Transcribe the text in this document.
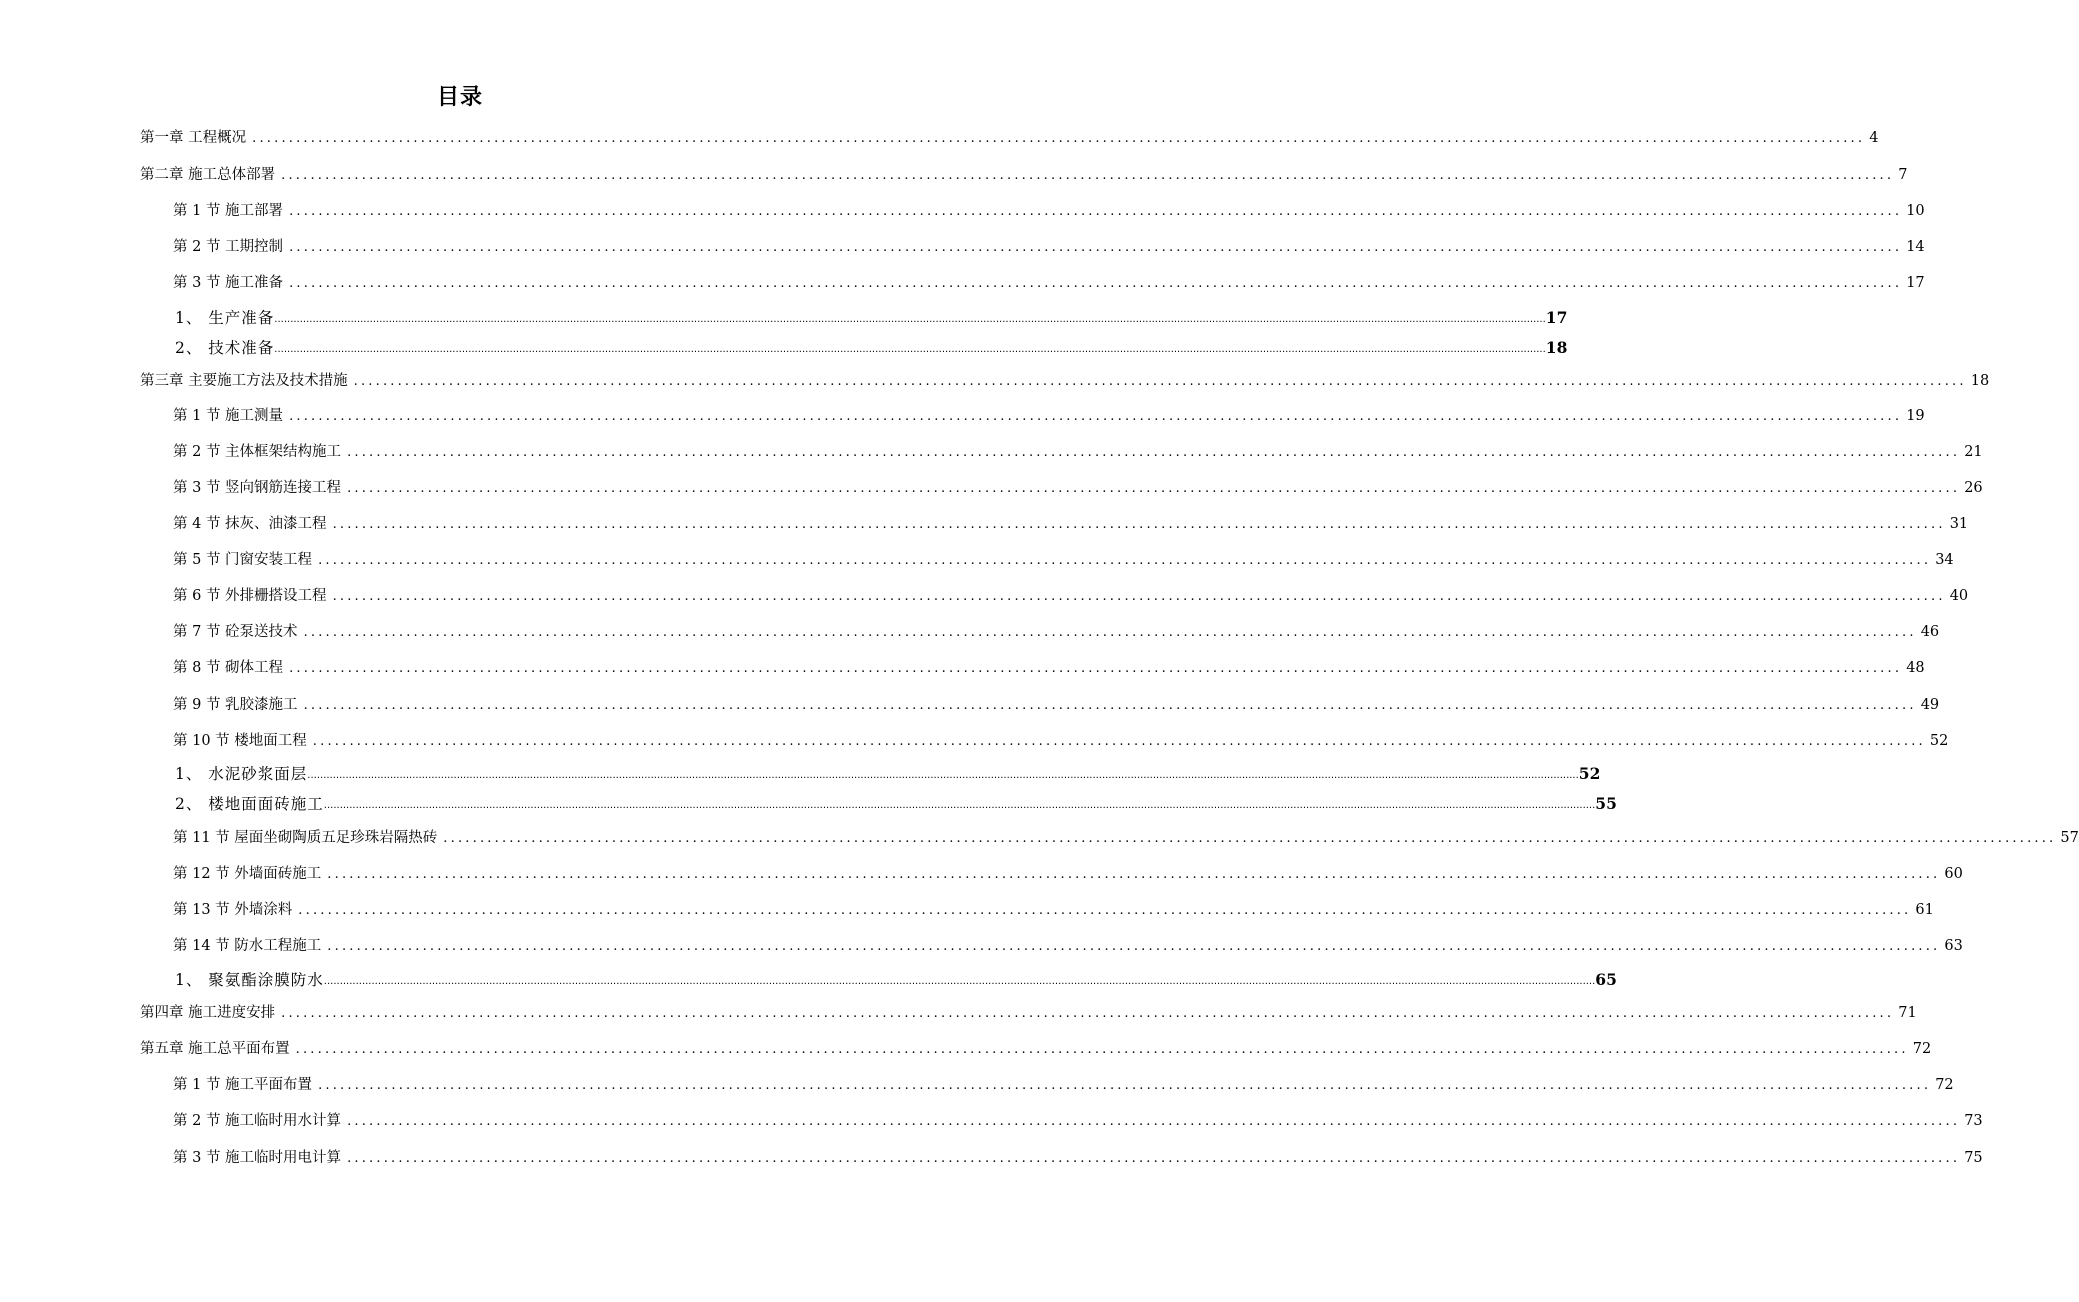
目录
第一章 工程概况 ............................................................................................................................................................................................................................ 4
第二章 施工总体部署 ............................................................................................................................................................................................................................ 7
第 1 节 施工部署 ............................................................................................................................................................................................................................ 10
第 2 节 工期控制 ............................................................................................................................................................................................................................ 14
第 3 节 施工准备 ............................................................................................................................................................................................................................ 17
1、 生产准备 ................................................................................................................................................................................................................................................................................................................................................................................................................ 17
2、 技术准备 ................................................................................................................................................................................................................................................................................................................................................................................................................ 18
第三章 主要施工方法及技术措施 ............................................................................................................................................................................................................................ 18
第 1 节 施工测量 ............................................................................................................................................................................................................................ 19
第 2 节 主体框架结构施工 ............................................................................................................................................................................................................................ 21
第 3 节 竖向钢筋连接工程 ............................................................................................................................................................................................................................ 26
第 4 节 抹灰、油漆工程 ............................................................................................................................................................................................................................ 31
第 5 节 门窗安装工程 ............................................................................................................................................................................................................................ 34
第 6 节 外排栅搭设工程 ............................................................................................................................................................................................................................ 40
第 7 节 砼泵送技术 ............................................................................................................................................................................................................................ 46
第 8 节 砌体工程 ............................................................................................................................................................................................................................ 48
第 9 节 乳胶漆施工 ............................................................................................................................................................................................................................ 49
第 10 节 楼地面工程 ............................................................................................................................................................................................................................ 52
1、 水泥砂浆面层 ................................................................................................................................................................................................................................................................................................................................................................................................................ 52
2、 楼地面面砖施工 ................................................................................................................................................................................................................................................................................................................................................................................................................ 55
第 11 节 屋面坐砌陶质五足珍珠岩隔热砖 ............................................................................................................................................................................................................................ 57
第 12 节 外墙面砖施工 ............................................................................................................................................................................................................................ 60
第 13 节 外墙涂料 ............................................................................................................................................................................................................................ 61
第 14 节 防水工程施工 ............................................................................................................................................................................................................................ 63
1、 聚氨酯涂膜防水 ................................................................................................................................................................................................................................................................................................................................................................................................................ 65
第四章 施工进度安排 ............................................................................................................................................................................................................................ 71
第五章 施工总平面布置 ............................................................................................................................................................................................................................ 72
第 1 节 施工平面布置 ............................................................................................................................................................................................................................ 72
第 2 节 施工临时用水计算 ............................................................................................................................................................................................................................ 73
第 3 节 施工临时用电计算 ............................................................................................................................................................................................................................ 75
